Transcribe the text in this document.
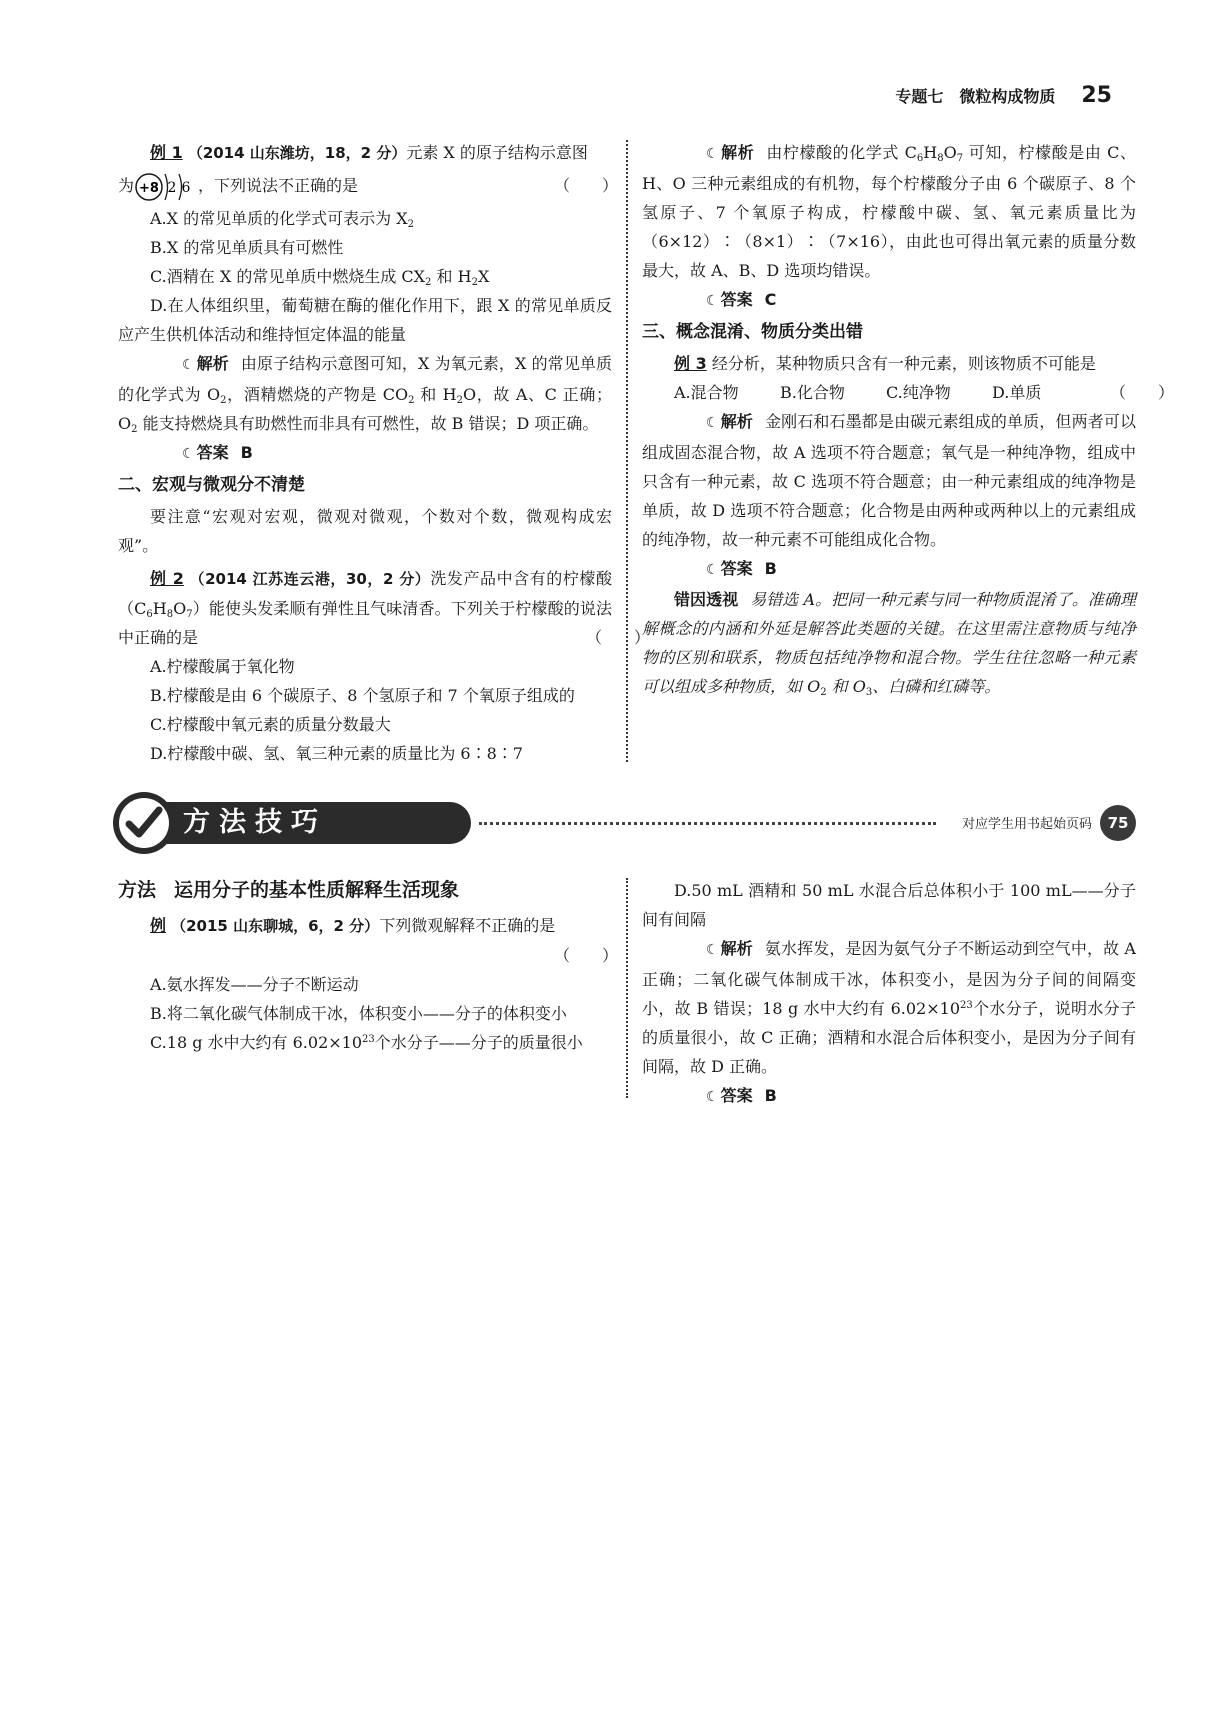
专题七 微粒构成物质 25

例 1 （2014 山东潍坊，18，2 分）元素 X 的原子结构示意图

（　　）
为 +8 2 6 ，下列说法不正确的是

A.X 的常见单质的化学式可表示为 $X_2$

B.X 的常见单质具有可燃性

C.酒精在 X 的常见单质中燃烧生成 $CX_2$ 和 $H_2X$

D.在人体组织里，葡萄糖在酶的催化作用下，跟 X 的常见单质反应产生供机体活动和维持恒定体温的能量

☾ 解析 由原子结构示意图可知，X 为氧元素，X 的常见单质的化学式为 $O_2$，酒精燃烧的产物是 $CO_2$ 和 $H_2O$，故 A、C 正确；$O_2$ 能支持燃烧具有助燃性而非具有可燃性，故 B 错误；D 项正确。

☾ 答案 B

二、宏观与微观分不清楚

要注意“宏观对宏观，微观对微观，个数对个数，微观构成宏观”。

例 2 （2014 江苏连云港，30，2 分）洗发产品中含有的柠檬酸$(C_6H_8O_7)$能使头发柔顺有弹性且气味清香。下列关于柠檬酸的说法中正确的是	（　　）

A.柠檬酸属于氧化物

B.柠檬酸是由 6 个碳原子、8 个氢原子和 7 个氧原子组成的

C.柠檬酸中氧元素的质量分数最大

D.柠檬酸中碳、氢、氧三种元素的质量比为 6∶8∶7

☾ 解析 由柠檬酸的化学式 $C_6H_8O_7$ 可知，柠檬酸是由 C、H、O 三种元素组成的有机物，每个柠檬酸分子由 6 个碳原子、8 个氢原子、7 个氧原子构成，柠檬酸中碳、氢、氧元素质量比为（6×12）∶（8×1）∶（7×16），由此也可得出氧元素的质量分数最大，故 A、B、D 选项均错误。

☾ 答案 C

三、概念混淆、物质分类出错

例 3 经分析，某种物质只含有一种元素，则该物质不可能是
（　　）

A.混合物	B.化合物	C.纯净物	D.单质

☾ 解析 金刚石和石墨都是由碳元素组成的单质，但两者可以组成固态混合物，故 A 选项不符合题意；氧气是一种纯净物，组成中只含有一种元素，故 C 选项不符合题意；由一种元素组成的纯净物是单质，故 D 选项不符合题意；化合物是由两种或两种以上的元素组成的纯净物，故一种元素不可能组成化合物。

☾ 答案 B

错因透视 易错选 A。把同一种元素与同一种物质混淆了。准确理解概念的内涵和外延是解答此类题的关键。在这里需注意物质与纯净物的区别和联系，物质包括纯净物和混合物。学生往往忽略一种元素可以组成多种物质，如 $O_2$ 和 $O_3$、白磷和红磷等。

方法技巧	对应学生用书起始页码	75

方法 运用分子的基本性质解释生活现象

例 （2015 山东聊城，6，2 分）下列微观解释不正确的是

（　　）

A.氨水挥发——分子不断运动

B.将二氧化碳气体制成干冰，体积变小——分子的体积变小

C.18 g 水中大约有 $6.02\times 10^{23}$个水分子——分子的质量很小

D.50 mL 酒精和 50 mL 水混合后总体积小于 100 mL——分子间有间隔

☾ 解析 氨水挥发，是因为氨气分子不断运动到空气中，故 A 正确；二氧化碳气体制成干冰，体积变小，是因为分子间的间隔变小，故 B 错误；18 g 水中大约有 $6.02\times 10^{23}$个水分子，说明水分子的质量很小，故 C 正确；酒精和水混合后体积变小，是因为分子间有间隔，故 D 正确。

☾ 答案 B
